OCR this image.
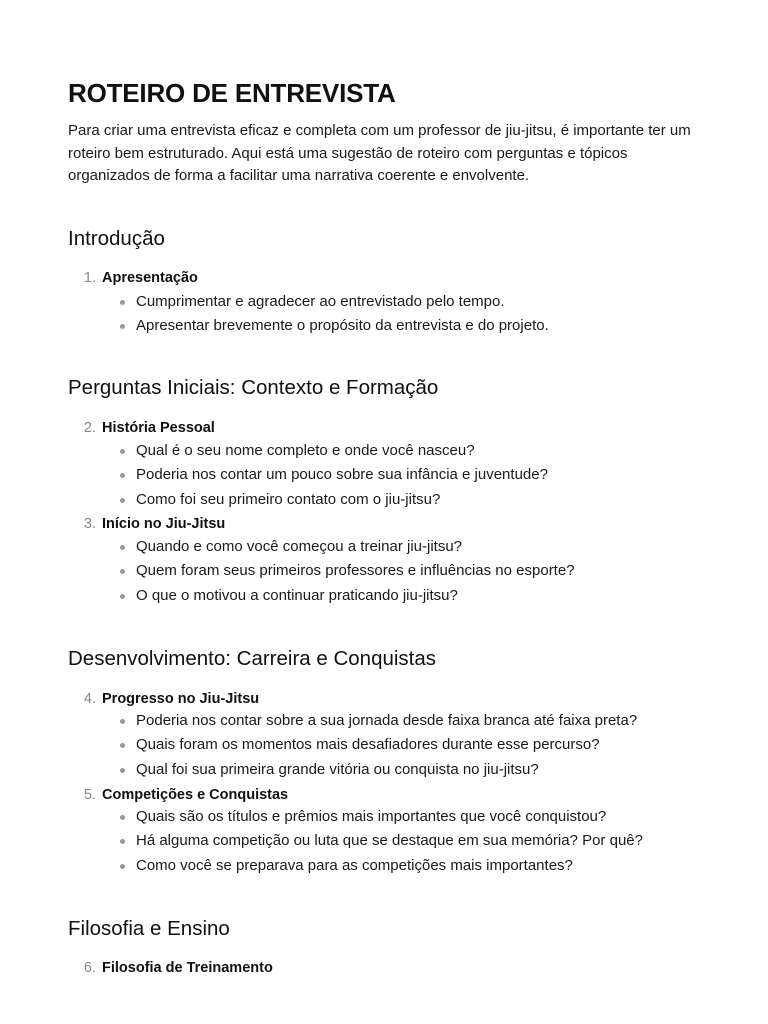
ROTEIRO DE ENTREVISTA

Para criar uma entrevista eficaz e completa com um professor de jiu-jitsu, é importante ter um roteiro bem estruturado. Aqui está uma sugestão de roteiro com perguntas e tópicos organizados de forma a facilitar uma narrativa coerente e envolvente.

Introdução
1. Apresentação
Cumprimentar e agradecer ao entrevistado pelo tempo.
Apresentar brevemente o propósito da entrevista e do projeto.
Perguntas Iniciais: Contexto e Formação
2. História Pessoal
Qual é o seu nome completo e onde você nasceu?
Poderia nos contar um pouco sobre sua infância e juventude?
Como foi seu primeiro contato com o jiu-jitsu?
3. Início no Jiu-Jitsu
Quando e como você começou a treinar jiu-jitsu?
Quem foram seus primeiros professores e influências no esporte?
O que o motivou a continuar praticando jiu-jitsu?
Desenvolvimento: Carreira e Conquistas
4. Progresso no Jiu-Jitsu
Poderia nos contar sobre a sua jornada desde faixa branca até faixa preta?
Quais foram os momentos mais desafiadores durante esse percurso?
Qual foi sua primeira grande vitória ou conquista no jiu-jitsu?
5. Competições e Conquistas
Quais são os títulos e prêmios mais importantes que você conquistou?
Há alguma competição ou luta que se destaque em sua memória? Por quê?
Como você se preparava para as competições mais importantes?
Filosofia e Ensino
6. Filosofia de Treinamento
